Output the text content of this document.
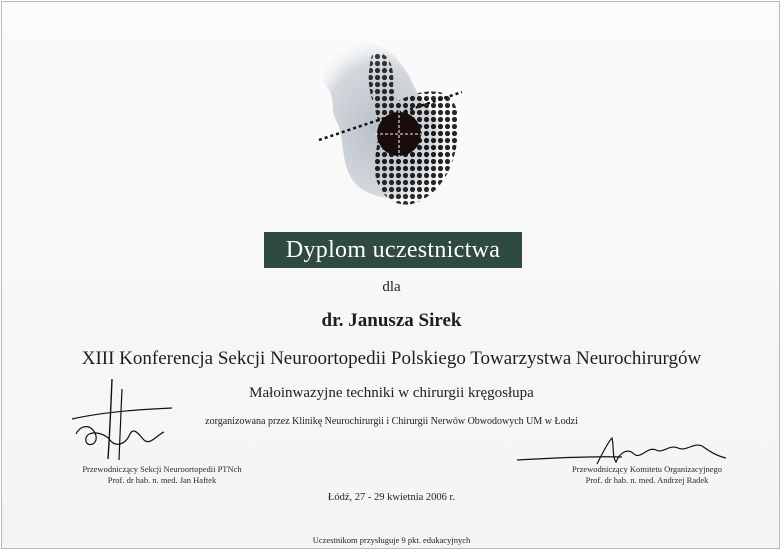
Dyplom uczestnictwa
dla
dr. Janusza Sirek
XIII Konferencja Sekcji Neuroortopedii Polskiego Towarzystwa Neurochirurgów
Małoinwazyjne techniki w chirurgii kręgosłupa
zorganizowana przez Klinikę Neurochirurgii i Chirurgii Nerwów Obwodowych UM w Łodzi
Przewodniczący Sekcji Neuroortopedii PTNch
Prof. dr hab. n. med. Jan Haftek
Przewodniczący Komitetu Organizacyjnego
Prof. dr hab. n. med. Andrzej Radek
Łódź, 27 - 29 kwietnia 2006 r.
Uczestnikom przysługuje 9 pkt. edukacyjnych
